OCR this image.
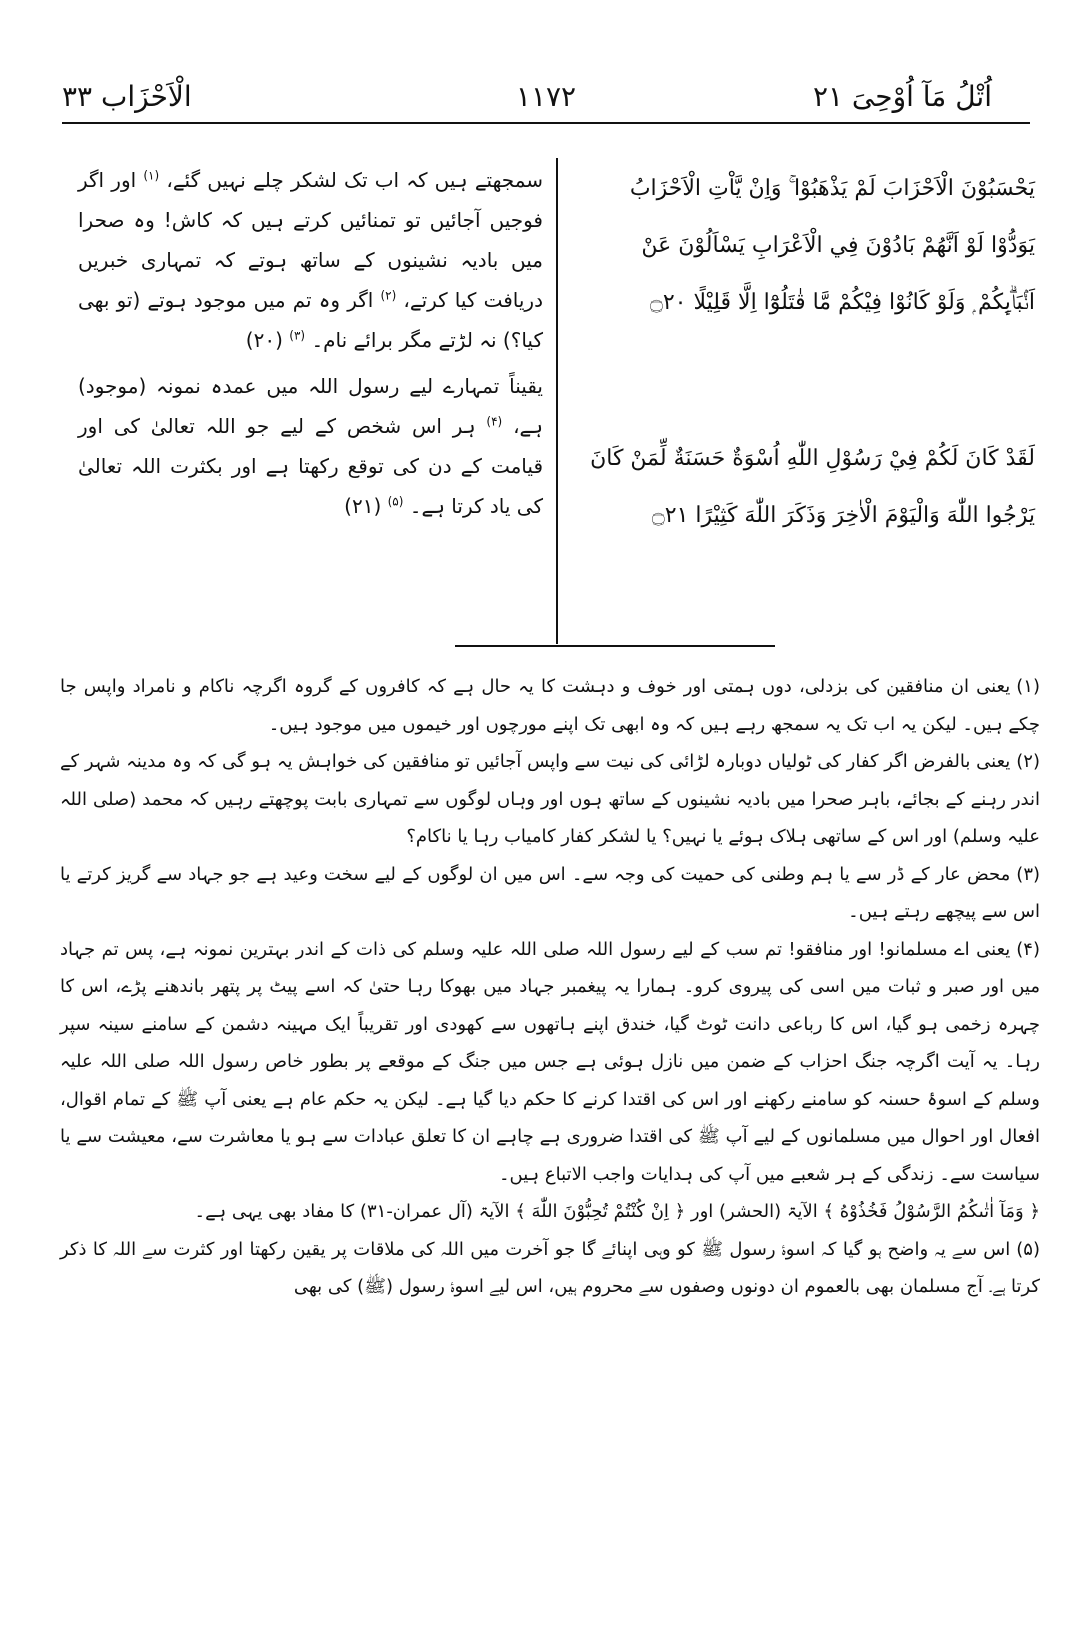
اُتْلُ مَآ اُوْحِیَ ۲۱
۱۱۷۲
الْاَحْزَاب ۳۳
يَحْسَبُوْنَ الْاَحْزَابَ لَمْ يَذْهَبُوْا ۚ وَاِنْ يَّاْتِ الْاَحْزَابُ يَوَدُّوْا لَوْ اَنَّهُمْ بَادُوْنَ فِي الْاَعْرَابِ يَسْاَلُوْنَ عَنْ اَنْۢبَاۗىِٕكُمْ ۭ وَلَوْ كَانُوْا فِيْكُمْ مَّا قٰتَلُوْٓا اِلَّا قَلِيْلًا ۝۲۰
لَقَدْ كَانَ لَكُمْ فِيْ رَسُوْلِ اللّٰهِ اُسْوَةٌ حَسَنَةٌ لِّمَنْ كَانَ يَرْجُوا اللّٰهَ وَالْيَوْمَ الْاٰخِرَ وَذَكَرَ اللّٰهَ كَثِيْرًا ۝۲۱
سمجھتے ہیں کہ اب تک لشکر چلے نہیں گئے، $^{(۱)}$ اور اگر فوجیں آجائیں تو تمنائیں کرتے ہیں کہ کاش! وہ صحرا میں بادیہ نشینوں کے ساتھ ہوتے کہ تمہاری خبریں دریافت کیا کرتے، $^{(۲)}$ اگر وہ تم میں موجود ہوتے (تو بھی کیا؟) نہ لڑتے مگر برائے نام۔ $^{(۳)}$ (۲۰)
یقیناً تمہارے لیے رسول اللہ میں عمدہ نمونہ (موجود) ہے، $^{(۴)}$ ہر اس شخص کے لیے جو اللہ تعالیٰ کی اور قیامت کے دن کی توقع رکھتا ہے اور بکثرت اللہ تعالیٰ کی یاد کرتا ہے۔ $^{(۵)}$ (۲۱)

(۱)یعنی ان منافقین کی بزدلی، دوں ہمتی اور خوف و دہشت کا یہ حال ہے کہ کافروں کے گروہ اگرچہ ناکام و نامراد واپس جا چکے ہیں۔ لیکن یہ اب تک یہ سمجھ رہے ہیں کہ وہ ابھی تک اپنے مورچوں اور خیموں میں موجود ہیں۔

(۲)یعنی بالفرض اگر کفار کی ٹولیاں دوبارہ لڑائی کی نیت سے واپس آجائیں تو منافقین کی خواہش یہ ہو گی کہ وہ مدینہ شہر کے اندر رہنے کے بجائے، باہر صحرا میں بادیہ نشینوں کے ساتھ ہوں اور وہاں لوگوں سے تمہاری بابت پوچھتے رہیں کہ محمد (صلی اللہ علیہ وسلم) اور اس کے ساتھی ہلاک ہوئے یا نہیں؟ یا لشکر کفار کامیاب رہا یا ناکام؟

(۳)محض عار کے ڈر سے یا ہم وطنی کی حمیت کی وجہ سے۔ اس میں ان لوگوں کے لیے سخت وعید ہے جو جہاد سے گریز کرتے یا اس سے پیچھے رہتے ہیں۔

(۴)یعنی اے مسلمانو! اور منافقو! تم سب کے لیے رسول اللہ صلی اللہ علیہ وسلم کی ذات کے اندر بہترین نمونہ ہے، پس تم جہاد میں اور صبر و ثبات میں اسی کی پیروی کرو۔ ہمارا یہ پیغمبر جہاد میں بھوکا رہا حتیٰ کہ اسے پیٹ پر پتھر باندھنے پڑے، اس کا چہرہ زخمی ہو گیا، اس کا رباعی دانت ٹوٹ گیا، خندق اپنے ہاتھوں سے کھودی اور تقریباً ایک مہینہ دشمن کے سامنے سینہ سپر رہا۔ یہ آیت اگرچہ جنگ احزاب کے ضمن میں نازل ہوئی ہے جس میں جنگ کے موقعے پر بطور خاص رسول اللہ صلی اللہ علیہ وسلم کے اسوۂ حسنہ کو سامنے رکھنے اور اس کی اقتدا کرنے کا حکم دیا گیا ہے۔ لیکن یہ حکم عام ہے یعنی آپ ﷺ کے تمام اقوال، افعال اور احوال میں مسلمانوں کے لیے آپ ﷺ کی اقتدا ضروری ہے چاہے ان کا تعلق عبادات سے ہو یا معاشرت سے، معیشت سے یا سیاست سے۔ زندگی کے ہر شعبے میں آپ کی ہدایات واجب الاتباع ہیں۔

﴿ وَمَآ اٰتٰىكُمُ الرَّسُوْلُ فَخُذُوْهُ ﴾ الآیۃ (الحشر) اور ﴿ اِنْ كُنْتُمْ تُحِبُّوْنَ اللّٰهَ ﴾ الآیۃ (آل عمران-۳۱) کا مفاد بھی یہی ہے۔

(۵)اس سے یہ واضح ہو گیا کہ اسوۂ رسول ﷺ کو وہی اپنائے گا جو آخرت میں اللہ کی ملاقات پر یقین رکھتا اور کثرت سے اللہ کا ذکر کرتا ہے۔ آج مسلمان بھی بالعموم ان دونوں وصفوں سے محروم ہیں، اس لیے اسوۂ رسول (ﷺ) کی بھی
